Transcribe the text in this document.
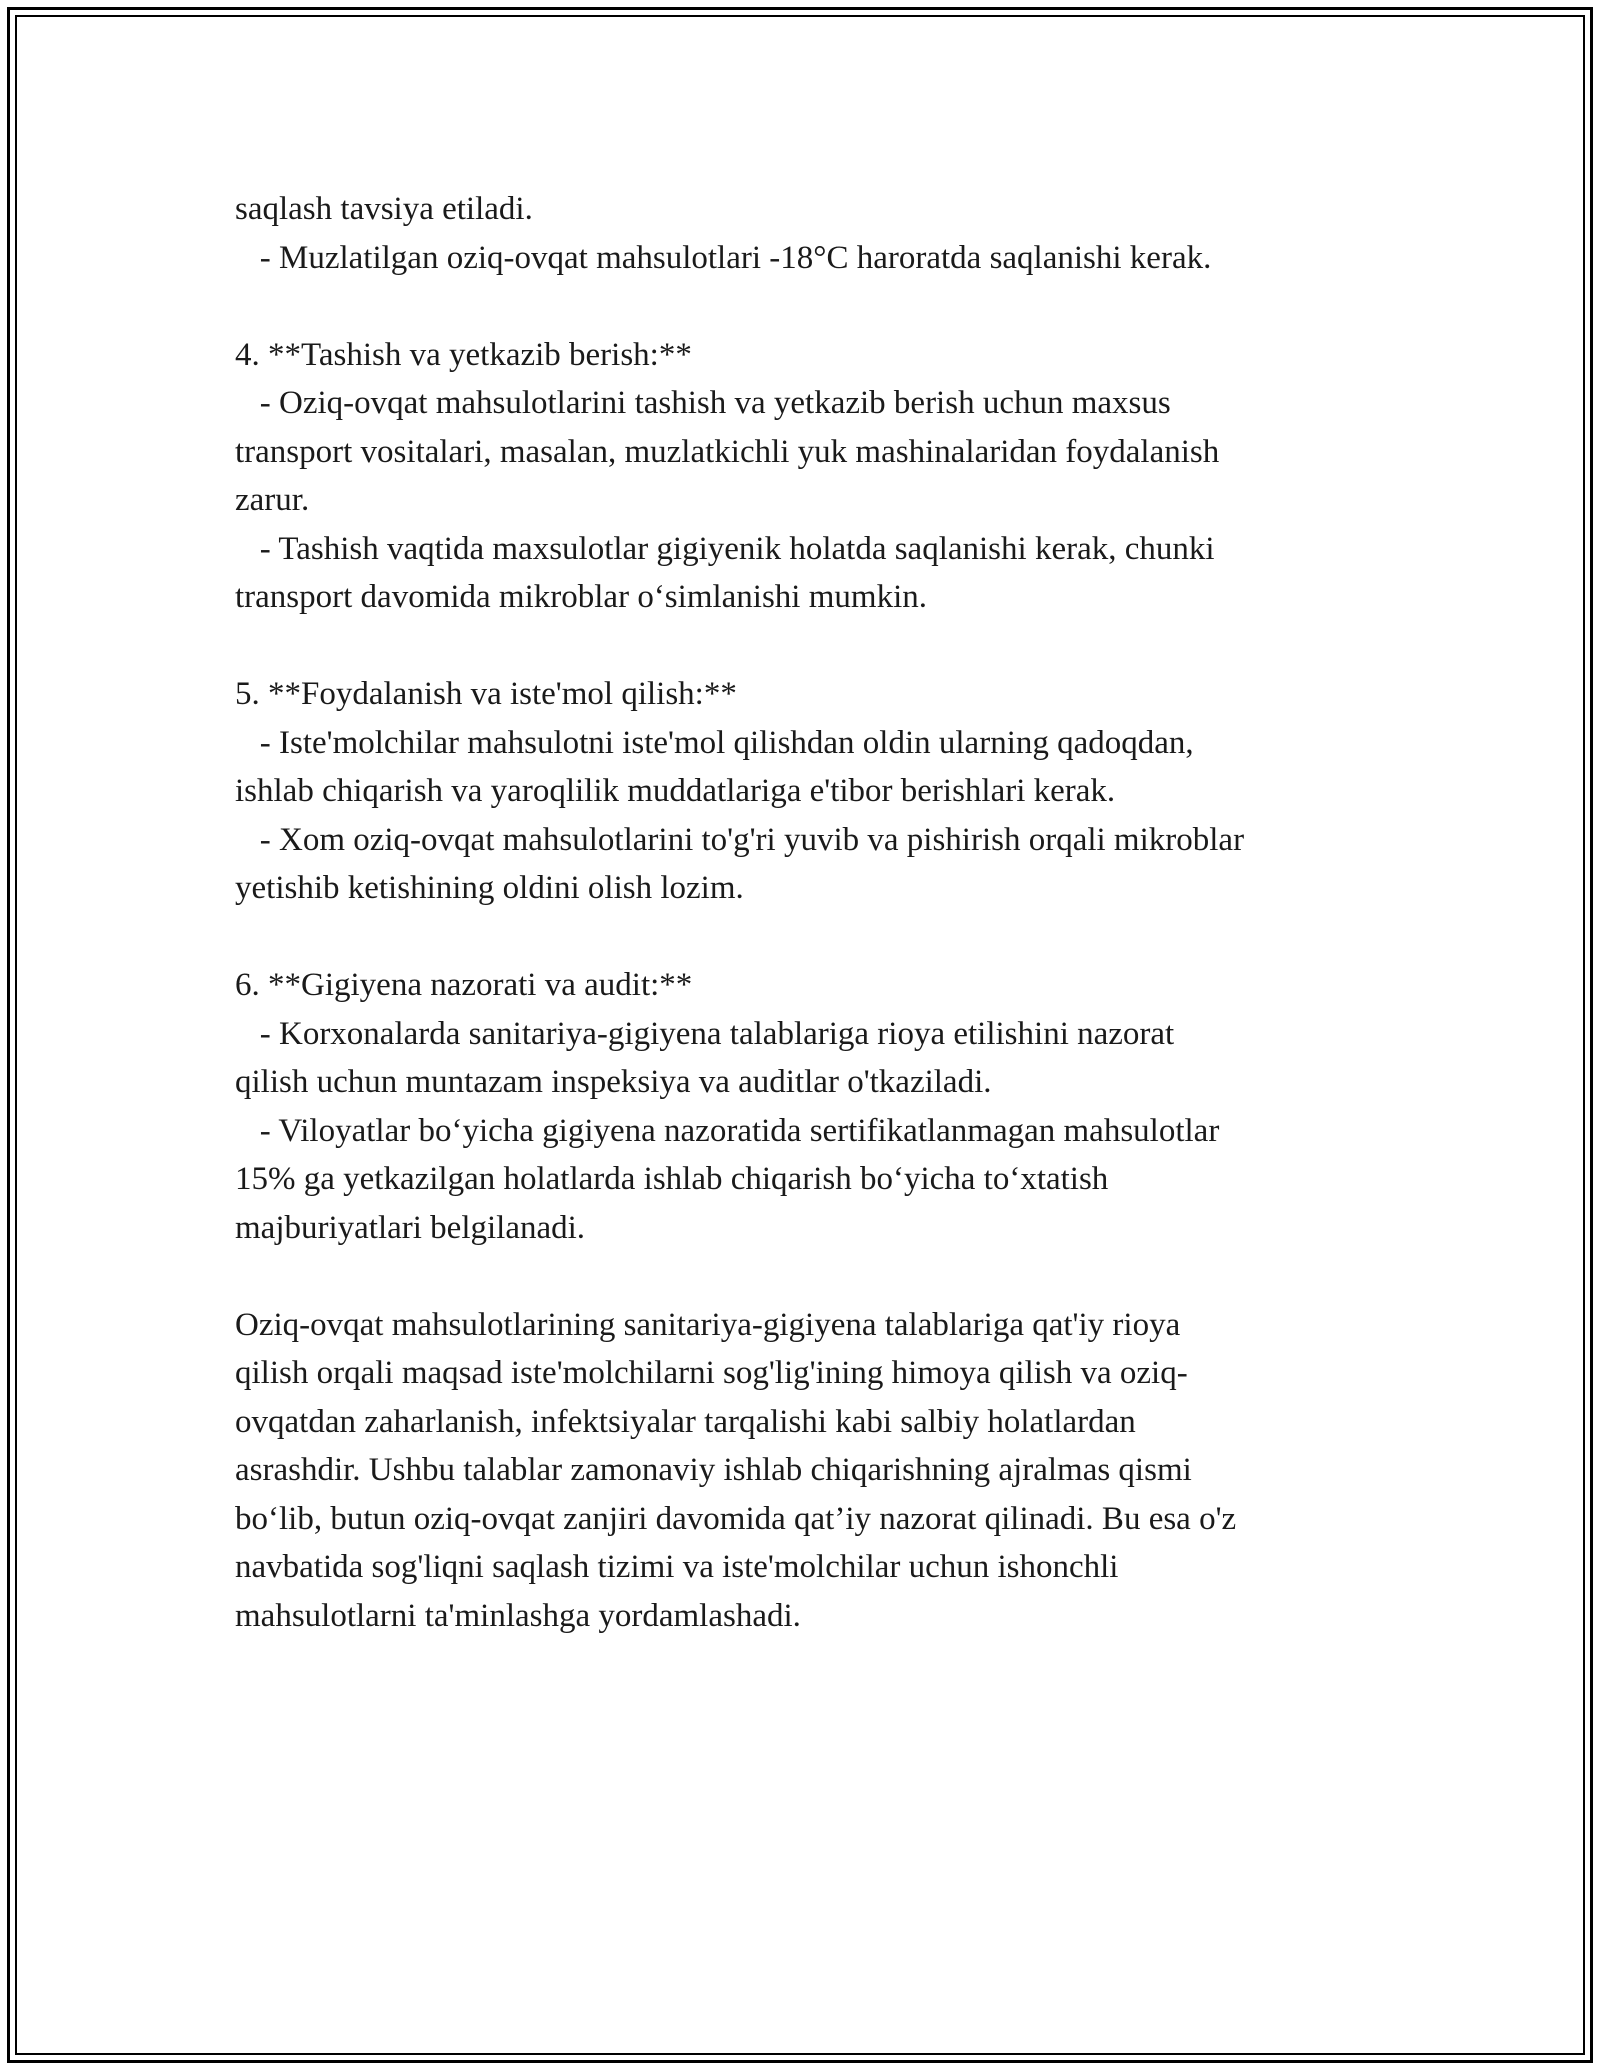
saqlash tavsiya etiladi.
- Muzlatilgan oziq-ovqat mahsulotlari -18°C haroratda saqlanishi kerak.
4. **Tashish va yetkazib berish:**
- Oziq-ovqat mahsulotlarini tashish va yetkazib berish uchun maxsus
transport vositalari, masalan, muzlatkichli yuk mashinalaridan foydalanish
zarur.
- Tashish vaqtida maxsulotlar gigiyenik holatda saqlanishi kerak, chunki
transport davomida mikroblar o‘simlanishi mumkin.
5. **Foydalanish va iste'mol qilish:**
- Iste'molchilar mahsulotni iste'mol qilishdan oldin ularning qadoqdan,
ishlab chiqarish va yaroqlilik muddatlariga e'tibor berishlari kerak.
- Xom oziq-ovqat mahsulotlarini to'g'ri yuvib va pishirish orqali mikroblar
yetishib ketishining oldini olish lozim.
6. **Gigiyena nazorati va audit:**
- Korxonalarda sanitariya-gigiyena talablariga rioya etilishini nazorat
qilish uchun muntazam inspeksiya va auditlar o'tkaziladi.
- Viloyatlar bo‘yicha gigiyena nazoratida sertifikatlanmagan mahsulotlar
15% ga yetkazilgan holatlarda ishlab chiqarish bo‘yicha to‘xtatish
majburiyatlari belgilanadi.
Oziq-ovqat mahsulotlarining sanitariya-gigiyena talablariga qat'iy rioya
qilish orqali maqsad iste'molchilarni sog'lig'ining himoya qilish va oziq-
ovqatdan zaharlanish, infektsiyalar tarqalishi kabi salbiy holatlardan
asrashdir. Ushbu talablar zamonaviy ishlab chiqarishning ajralmas qismi
bo‘lib, butun oziq-ovqat zanjiri davomida qat’iy nazorat qilinadi. Bu esa o'z
navbatida sog'liqni saqlash tizimi va iste'molchilar uchun ishonchli
mahsulotlarni ta'minlashga yordamlashadi.
